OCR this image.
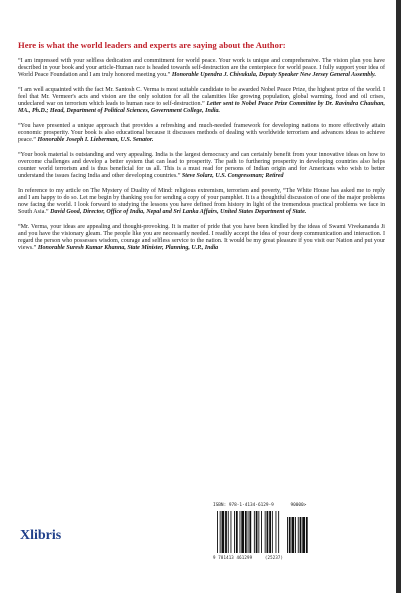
Here is what the world leaders and experts are saying about the Author:

“I am impressed with your selfless dedication and commitment for world peace. Your work is unique and comprehensive. The vision plan you have described in your book and your article-Human race is headed towards self-destruction are the centerpiece for world peace. I fully support your idea of World Peace Foundation and I am truly honored meeting you.” Honorable Upendra J. Chivukula, Deputy Speaker New Jersey General Assembly.

“I am well acquainted with the fact Mr. Santosh C. Verma is most suitable candidate to be awarded Nobel Peace Prize, the highest prize of the world. I feel that Mr. Vermeer's acts and vision are the only solution for all the calamities like growing population, global warming, food and oil crises, undeclared war on terrorism which leads to human race to self-destruction.” Letter sent to Nobel Peace Prize Committee by Dr. Ravindra Chauhan, MA., Ph.D.; Head, Department of Political Sciences, Government College, India.

“You have presented a unique approach that provides a refreshing and much-needed framework for developing nations to more effectively attain economic prosperity. Your book is also educational because it discusses methods of dealing with worldwide terrorism and advances ideas to achieve peace.” Honorable Joseph I. Lieberman, U.S. Senator.

“Your book material is outstanding and very appealing. India is the largest democracy and can certainly benefit from your innovative ideas on how to overcome challenges and develop a better system that can lead to prosperity. The path to furthering prosperity in developing countries also helps counter world terrorism and is thus beneficial for us all. This is a must read for persons of Indian origin and for Americans who wish to better understand the issues facing India and other developing countries.” Steve Solarz, U.S. Congressman; Retired

In reference to my article on The Mystery of Duality of Mind: religious extremism, terrorism and poverty, “The White House has asked me to reply and I am happy to do so. Let me begin by thanking you for sending a copy of your pamphlet. It is a thoughtful discussion of one of the major problems now facing the world. I look forward to studying the lessons you have defined from history in light of the tremendous practical problems we face in South Asia.” David Good, Director, Office of India, Nepal and Sri Lanka Affairs, United States Department of State.

“Mr. Verma, your ideas are appealing and thought-provoking. It is matter of pride that you have been kindled by the ideas of Swami Vivekananda Ji and you have the visionary gleam. The people like you are necessarily needed. I readily accept the idea of your deep communication and interaction. I regard the person who possesses wisdom, courage and selfless service to the nation. It would be my great pleasure if you visit our Nation and put your views.” Honorable Suresh Kumar Khanna, State Minister, Planning, U.P., India

Xlibris
ISBN: 978-1-4134-6129-9	90000>
9 781413 461299	(25237)
